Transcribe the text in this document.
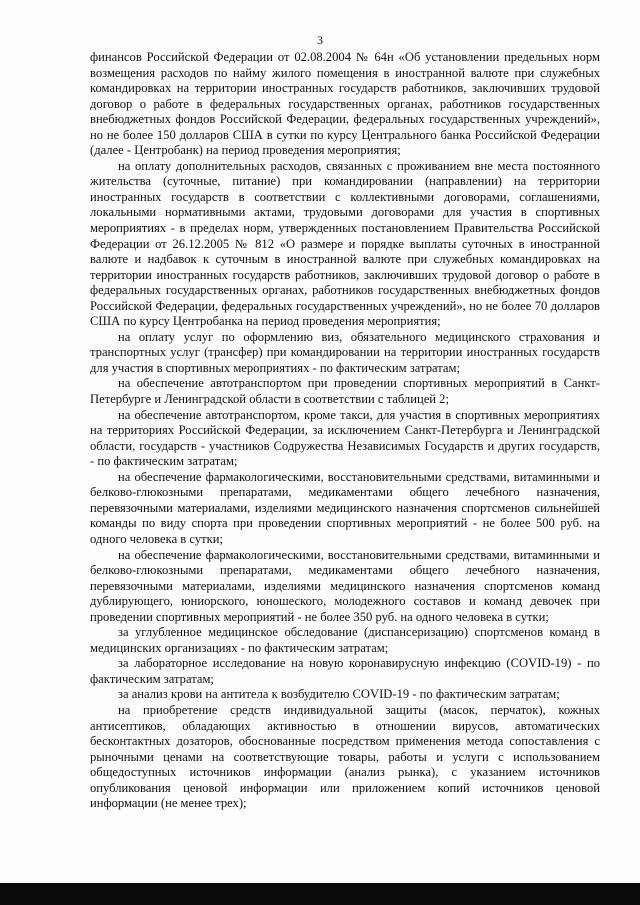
3

финансов Российской Федерации от 02.08.2004 № 64н «Об установлении предельных норм возмещения расходов по найму жилого помещения в иностранной валюте при служебных командировках на территории иностранных государств работников, заключивших трудовой договор о работе в федеральных государственных органах, работников государственных внебюджетных фондов Российской Федерации, федеральных государственных учреждений», но не более 150 долларов США в сутки по курсу Центрального банка Российской Федерации (далее - Центробанк) на период проведения мероприятия;

на оплату дополнительных расходов, связанных с проживанием вне места постоянного жительства (суточные, питание) при командировании (направлении) на территории иностранных государств в соответствии с коллективными договорами, соглашениями, локальными нормативными актами, трудовыми договорами для участия в спортивных мероприятиях - в пределах норм, утвержденных постановлением Правительства Российской Федерации от 26.12.2005 № 812 «О размере и порядке выплаты суточных в иностранной валюте и надбавок к суточным в иностранной валюте при служебных командировках на территории иностранных государств работников, заключивших трудовой договор о работе в федеральных государственных органах, работников государственных внебюджетных фондов Российской Федерации, федеральных государственных учреждений», но не более 70 долларов США по курсу Центробанка на период проведения мероприятия;

на оплату услуг по оформлению виз, обязательного медицинского страхования и транспортных услуг (трансфер) при командировании на территории иностранных государств для участия в спортивных мероприятиях - по фактическим затратам;

на обеспечение автотранспортом при проведении спортивных мероприятий в Санкт-Петербурге и Ленинградской области в соответствии с таблицей 2;

на обеспечение автотранспортом, кроме такси, для участия в спортивных мероприятиях на территориях Российской Федерации, за исключением Санкт-Петербурга и Ленинградской области, государств - участников Содружества Независимых Государств и других государств, - по фактическим затратам;

на обеспечение фармакологическими, восстановительными средствами, витаминными и белково-глюкозными препаратами, медикаментами общего лечебного назначения, перевязочными материалами, изделиями медицинского назначения спортсменов сильнейшей команды по виду спорта при проведении спортивных мероприятий - не более 500 руб. на одного человека в сутки;

на обеспечение фармакологическими, восстановительными средствами, витаминными и белково-глюкозными препаратами, медикаментами общего лечебного назначения, перевязочными материалами, изделиями медицинского назначения спортсменов команд дублирующего, юниорского, юношеского, молодежного составов и команд девочек при проведении спортивных мероприятий - не более 350 руб. на одного человека в сутки;

за углубленное медицинское обследование (диспансеризацию) спортсменов команд в медицинских организациях - по фактическим затратам;

за лабораторное исследование на новую коронавирусную инфекцию (COVID-19) - по фактическим затратам;

за анализ крови на антитела к возбудителю COVID-19 - по фактическим затратам;

на приобретение средств индивидуальной защиты (масок, перчаток), кожных антисептиков, обладающих активностью в отношении вирусов, автоматических бесконтактных дозаторов, обоснованные посредством применения метода сопоставления с рыночными ценами на соответствующие товары, работы и услуги с использованием общедоступных источников информации (анализ рынка), с указанием источников опубликования ценовой информации или приложением копий источников ценовой информации (не менее трех);
